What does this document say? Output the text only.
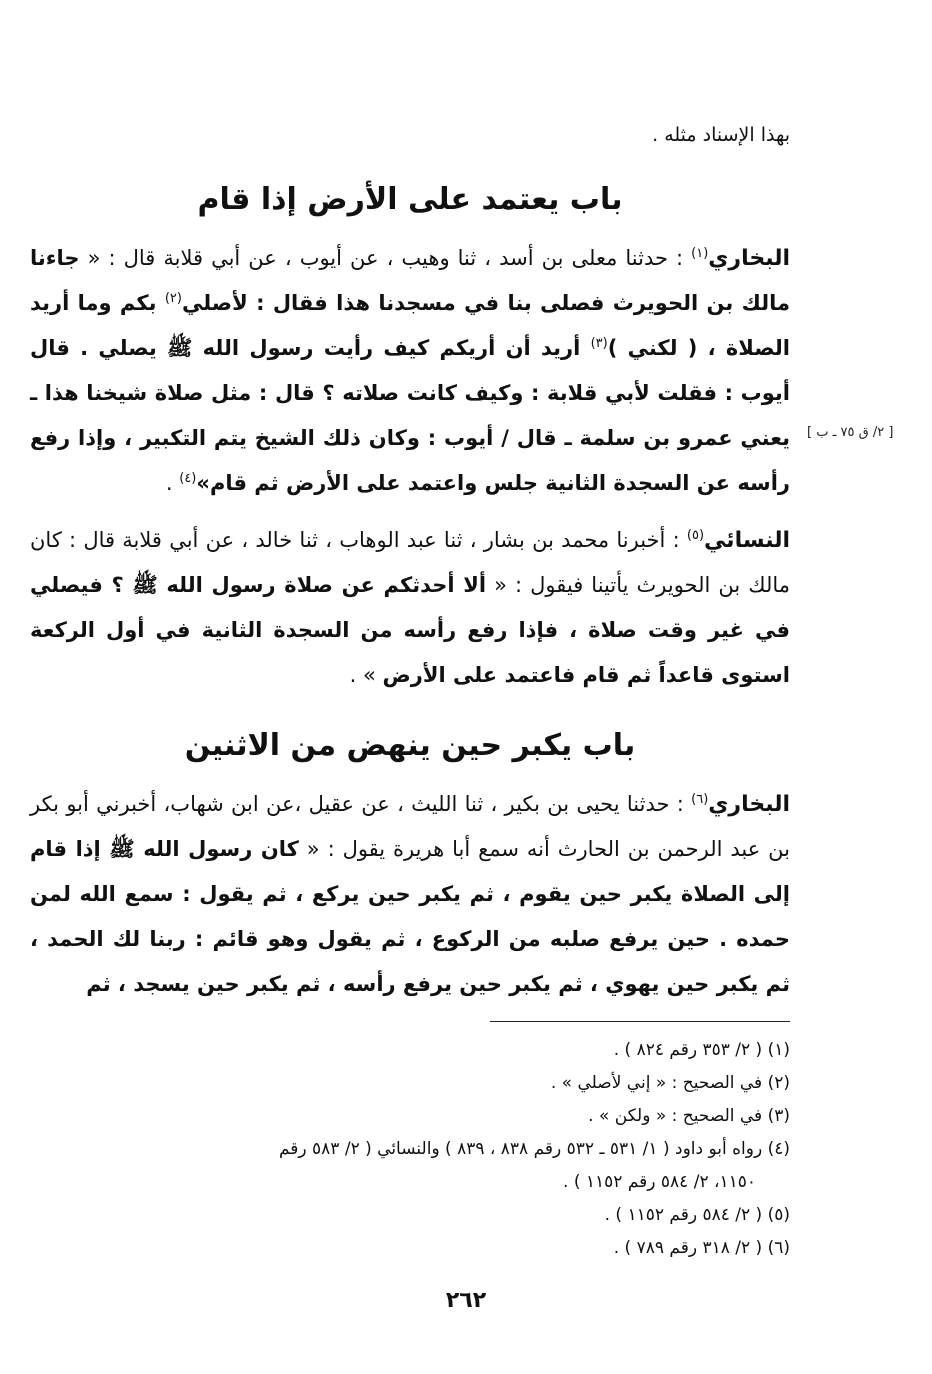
بهذا الإسناد مثله .

باب يعتمد على الأرض إذا قام

البخاري$^{(١)}$ : حدثنا معلى بن أسد ، ثنا وهيب ، عن أيوب ، عن أبي قلابة قال : « جاءنا مالك بن الحويرث فصلى بنا في مسجدنا هذا فقال : لأصلي$^{(٢)}$ بكم وما أريد الصلاة ، ( لكني )$^{(٣)}$ أريد أن أريكم كيف رأيت رسول الله ﷺ يصلي . قال أيوب : فقلت لأبي قلابة : وكيف كانت صلاته ؟ قال : مثل صلاة شيخنا هذا ـ يعني عمرو بن سلمة ـ قال / أيوب : وكان ذلك الشيخ يتم التكبير ، وإذا رفع رأسه عن السجدة الثانية جلس واعتمد على الأرض ثم قام»$^{(٤)}$ .

النسائي$^{(٥)}$ : أخبرنا محمد بن بشار ، ثنا عبد الوهاب ، ثنا خالد ، عن أبي قلابة قال : كان مالك بن الحويرث يأتينا فيقول : « ألا أحدثكم عن صلاة رسول الله ﷺ ؟ فيصلي في غير وقت صلاة ، فإذا رفع رأسه من السجدة الثانية في أول الركعة استوى قاعداً ثم قام فاعتمد على الأرض » .

باب يكبر حين ينهض من الاثنين

البخاري$^{(٦)}$ : حدثنا يحيى بن بكير ، ثنا الليث ، عن عقيل ،عن ابن شهاب، أخبرني أبو بكر بن عبد الرحمن بن الحارث أنه سمع أبا هريرة يقول : « كان رسول الله ﷺ إذا قام إلى الصلاة يكبر حين يقوم ، ثم يكبر حين يركع ، ثم يقول : سمع الله لمن حمده . حين يرفع صلبه من الركوع ، ثم يقول وهو قائم : ربنا لك الحمد ، ثم يكبر حين يهوي ، ثم يكبر حين يرفع رأسه ، ثم يكبر حين يسجد ، ثم

(١) ( ٢/ ٣٥٣ رقم ٨٢٤ ) .

(٢) في الصحيح : « إني لأصلي » .

(٣) في الصحيح : « ولكن » .

(٤) رواه أبو داود ( ١/ ٥٣١ ـ ٥٣٢ رقم ٨٣٨ ، ٨٣٩ ) والنسائي ( ٢/ ٥٨٣ رقم

١١٥٠، ٢/ ٥٨٤ رقم ١١٥٢ ) .

(٥) ( ٢/ ٥٨٤ رقم ١١٥٢ ) .

(٦) ( ٢/ ٣١٨ رقم ٧٨٩ ) .

[ ٢/ ق ٧٥ ـ ب ]
٢٦٢
